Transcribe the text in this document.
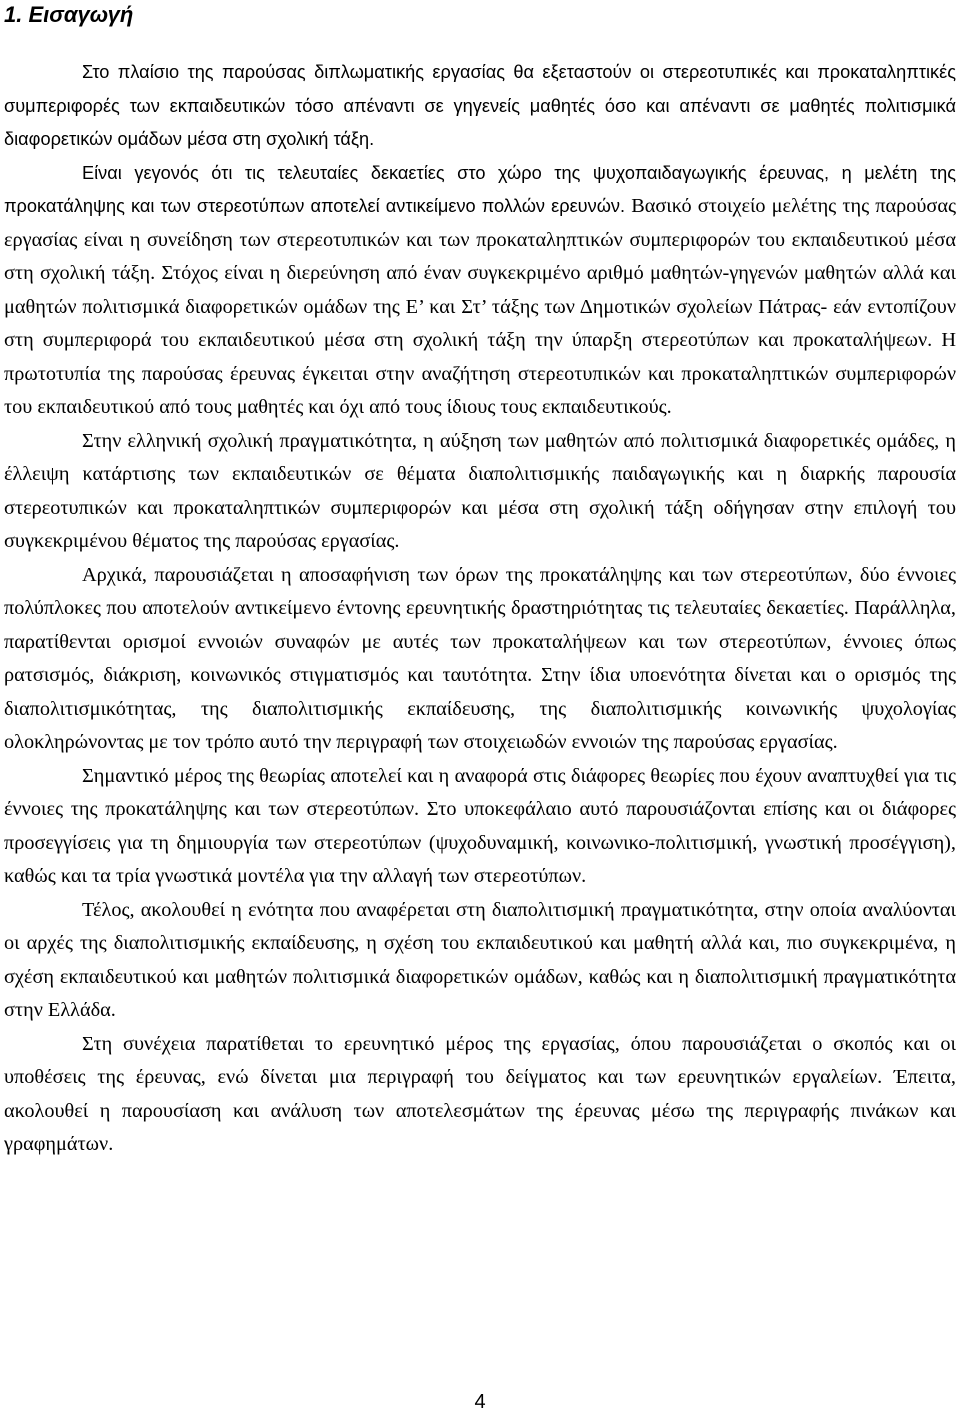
1. Εισαγωγή

Στο πλαίσιο της παρούσας διπλωματικής εργασίας θα εξεταστούν οι στερεοτυπικές και προκαταληπτικές συμπεριφορές των εκπαιδευτικών τόσο απέναντι σε γηγενείς μαθητές όσο και απέναντι σε μαθητές πολιτισμικά διαφορετικών ομάδων μέσα στη σχολική τάξη.

Είναι γεγονός ότι τις τελευταίες δεκαετίες στο χώρο της ψυχοπαιδαγωγικής έρευνας, η μελέτη της προκατάληψης και των στερεοτύπων αποτελεί αντικείμενο πολλών ερευνών. Βασικό στοιχείο μελέτης της παρούσας εργασίας είναι η συνείδηση των στερεοτυπικών και των προκαταληπτικών συμπεριφορών του εκπαιδευτικού μέσα στη σχολική τάξη. Στόχος είναι η διερεύνηση από έναν συγκεκριμένο αριθμό μαθητών-γηγενών μαθητών αλλά και μαθητών πολιτισμικά διαφορετικών ομάδων της Ε’ και Στ’ τάξης των Δημοτικών σχολείων Πάτρας- εάν εντοπίζουν στη συμπεριφορά του εκπαιδευτικού μέσα στη σχολική τάξη την ύπαρξη στερεοτύπων και προκαταλήψεων. Η πρωτοτυπία της παρούσας έρευνας έγκειται στην αναζήτηση στερεοτυπικών και προκαταληπτικών συμπεριφορών του εκπαιδευτικού από τους μαθητές και όχι από τους ίδιους τους εκπαιδευτικούς.

Στην ελληνική σχολική πραγματικότητα, η αύξηση των μαθητών από πολιτισμικά διαφορετικές ομάδες, η έλλειψη κατάρτισης των εκπαιδευτικών σε θέματα διαπολιτισμικής παιδαγωγικής και η διαρκής παρουσία στερεοτυπικών και προκαταληπτικών συμπεριφορών και μέσα στη σχολική τάξη οδήγησαν στην επιλογή του συγκεκριμένου θέματος της παρούσας εργασίας.

Αρχικά, παρουσιάζεται η αποσαφήνιση των όρων της προκατάληψης και των στερεοτύπων, δύο έννοιες πολύπλοκες που αποτελούν αντικείμενο έντονης ερευνητικής δραστηριότητας τις τελευταίες δεκαετίες. Παράλληλα, παρατίθενται ορισμοί εννοιών συναφών με αυτές των προκαταλήψεων και των στερεοτύπων, έννοιες όπως ρατσισμός, διάκριση, κοινωνικός στιγματισμός και ταυτότητα. Στην ίδια υποενότητα δίνεται και ο ορισμός της διαπολιτισμικότητας, της διαπολιτισμικής εκπαίδευσης, της διαπολιτισμικής κοινωνικής ψυχολογίας ολοκληρώνοντας με τον τρόπο αυτό την περιγραφή των στοιχειωδών εννοιών της παρούσας εργασίας.

Σημαντικό μέρος της θεωρίας αποτελεί και η αναφορά στις διάφορες θεωρίες που έχουν αναπτυχθεί για τις έννοιες της προκατάληψης και των στερεοτύπων. Στο υποκεφάλαιο αυτό παρουσιάζονται επίσης και οι διάφορες προσεγγίσεις για τη δημιουργία των στερεοτύπων (ψυχοδυναμική, κοινωνικο-πολιτισμική, γνωστική προσέγγιση), καθώς και τα τρία γνωστικά μοντέλα για την αλλαγή των στερεοτύπων.

Τέλος, ακολουθεί η ενότητα που αναφέρεται στη διαπολιτισμική πραγματικότητα, στην οποία αναλύονται οι αρχές της διαπολιτισμικής εκπαίδευσης, η σχέση του εκπαιδευτικού και μαθητή αλλά και, πιο συγκεκριμένα, η σχέση εκπαιδευτικού και μαθητών πολιτισμικά διαφορετικών ομάδων, καθώς και η διαπολιτισμική πραγματικότητα στην Ελλάδα.

Στη συνέχεια παρατίθεται το ερευνητικό μέρος της εργασίας, όπου παρουσιάζεται ο σκοπός και οι υποθέσεις της έρευνας, ενώ δίνεται μια περιγραφή του δείγματος και των ερευνητικών εργαλείων. Έπειτα, ακολουθεί η παρουσίαση και ανάλυση των αποτελεσμάτων της έρευνας μέσω της περιγραφής πινάκων και γραφημάτων.

4
